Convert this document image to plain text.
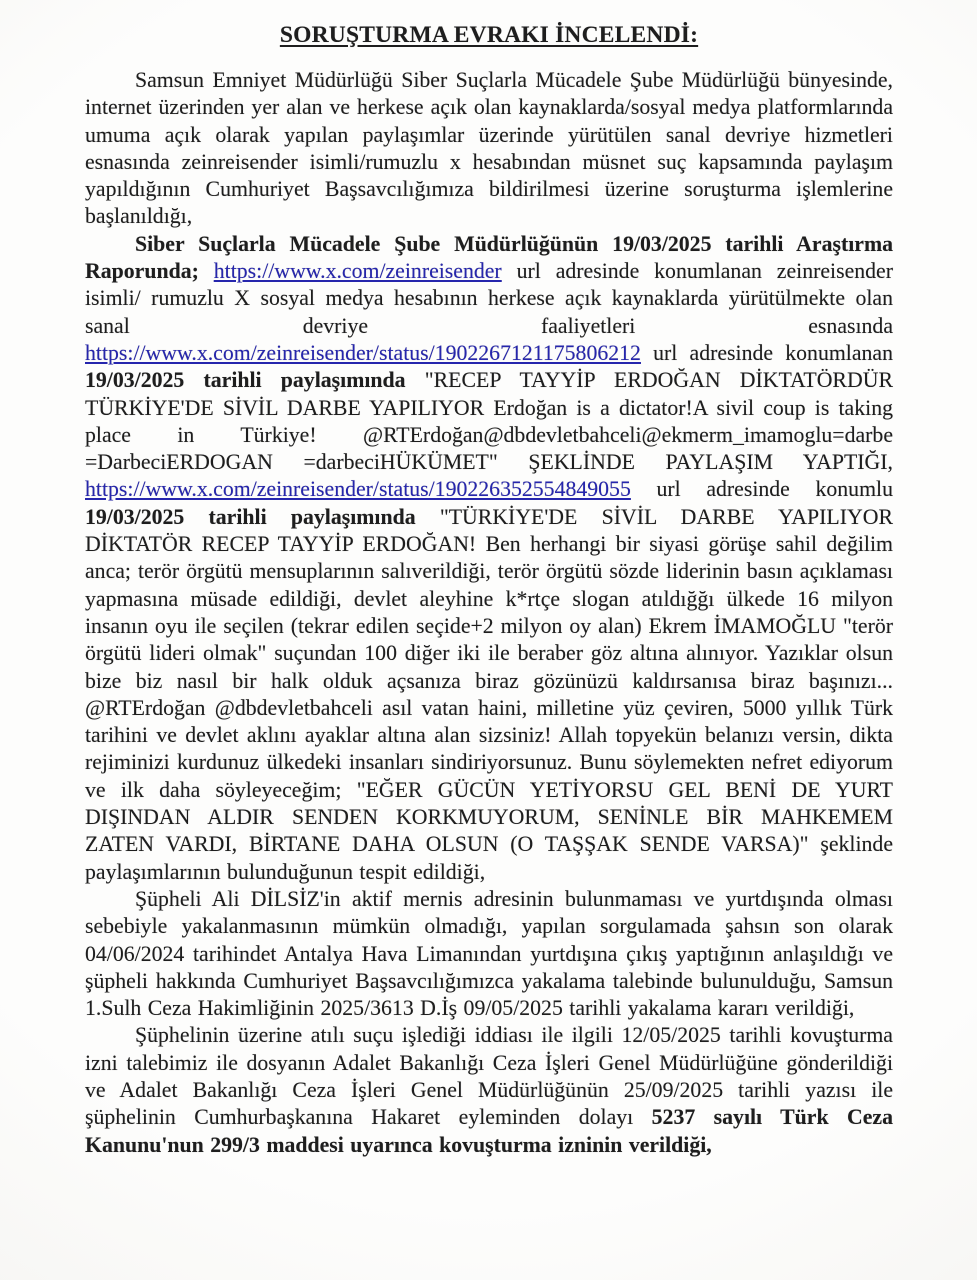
SORUŞTURMA EVRAKI İNCELENDİ:

Samsun Emniyet Müdürlüğü Siber Suçlarla Mücadele Şube Müdürlüğü bünyesinde, internet üzerinden yer alan ve herkese açık olan kaynaklarda/sosyal medya platformlarında umuma açık olarak yapılan paylaşımlar üzerinde yürütülen sanal devriye hizmetleri esnasında zeinreisender isimli/rumuzlu x hesabından müsnet suç kapsamında paylaşım yapıldığının Cumhuriyet Başsavcılığımıza bildirilmesi üzerine soruşturma işlemlerine başlanıldığı,

Siber Suçlarla Mücadele Şube Müdürlüğünün 19/03/2025 tarihli Araştırma Raporunda; https://www.x.com/zeinreisender url adresinde konumlanan zeinreisender isimli/ rumuzlu X sosyal medya hesabının herkese açık kaynaklarda yürütülmekte olan sanal devriye faaliyetleri esnasında https://www.x.com/zeinreisender/status/1902267121175806212 url adresinde konumlanan 19/03/2025 tarihli paylaşımında "RECEP TAYYİP ERDOĞAN DİKTATÖRDÜR TÜRKİYE'DE SİVİL DARBE YAPILIYOR Erdoğan is a dictator!A sivil coup is taking place in Türkiye! @RTErdoğan@dbdevletbahceli@ekmerm_imamoglu=darbe =DarbeciERDOGAN =darbeciHÜKÜMET" ŞEKLİNDE PAYLAŞIM YAPTIĞI, https://www.x.com/zeinreisender/status/190226352554849055 url adresinde konumlu 19/03/2025 tarihli paylaşımında "TÜRKİYE'DE SİVİL DARBE YAPILIYOR DİKTATÖR RECEP TAYYİP ERDOĞAN! Ben herhangi bir siyasi görüşe sahil değilim anca; terör örgütü mensuplarının salıverildiği, terör örgütü sözde liderinin basın açıklaması yapmasına müsade edildiği, devlet aleyhine k*rtçe slogan atıldığğı ülkede 16 milyon insanın oyu ile seçilen (tekrar edilen seçide+2 milyon oy alan) Ekrem İMAMOĞLU "terör örgütü lideri olmak" suçundan 100 diğer iki ile beraber göz altına alınıyor. Yazıklar olsun bize biz nasıl bir halk olduk açsanıza biraz gözünüzü kaldırsanısa biraz başınızı... @RTErdoğan @dbdevletbahceli asıl vatan haini, milletine yüz çeviren, 5000 yıllık Türk tarihini ve devlet aklını ayaklar altına alan sizsiniz! Allah topyekün belanızı versin, dikta rejiminizi kurdunuz ülkedeki insanları sindiriyorsunuz. Bunu söylemekten nefret ediyorum ve ilk daha söyleyeceğim; "EĞER GÜCÜN YETİYORSU GEL BENİ DE YURT DIŞINDAN ALDIR SENDEN KORKMUYORUM, SENİNLE BİR MAHKEMEM ZATEN VARDI, BİRTANE DAHA OLSUN (O TAŞŞAK SENDE VARSA)" şeklinde paylaşımlarının bulunduğunun tespit edildiği,

Şüpheli Ali DİLSİZ'in aktif mernis adresinin bulunmaması ve yurtdışında olması sebebiyle yakalanmasının mümkün olmadığı, yapılan sorgulamada şahsın son olarak 04/06/2024 tarihindet Antalya Hava Limanından yurtdışına çıkış yaptığının anlaşıldığı ve şüpheli hakkında Cumhuriyet Başsavcılığımızca yakalama talebinde bulunulduğu, Samsun 1.Sulh Ceza Hakimliğinin 2025/3613 D.İş 09/05/2025 tarihli yakalama kararı verildiği,

Şüphelinin üzerine atılı suçu işlediği iddiası ile ilgili 12/05/2025 tarihli kovuşturma izni talebimiz ile dosyanın Adalet Bakanlığı Ceza İşleri Genel Müdürlüğüne gönderildiği ve Adalet Bakanlığı Ceza İşleri Genel Müdürlüğünün 25/09/2025 tarihli yazısı ile şüphelinin Cumhurbaşkanına Hakaret eyleminden dolayı 5237 sayılı Türk Ceza Kanunu'nun 299/3 maddesi uyarınca kovuşturma izninin verildiği,
